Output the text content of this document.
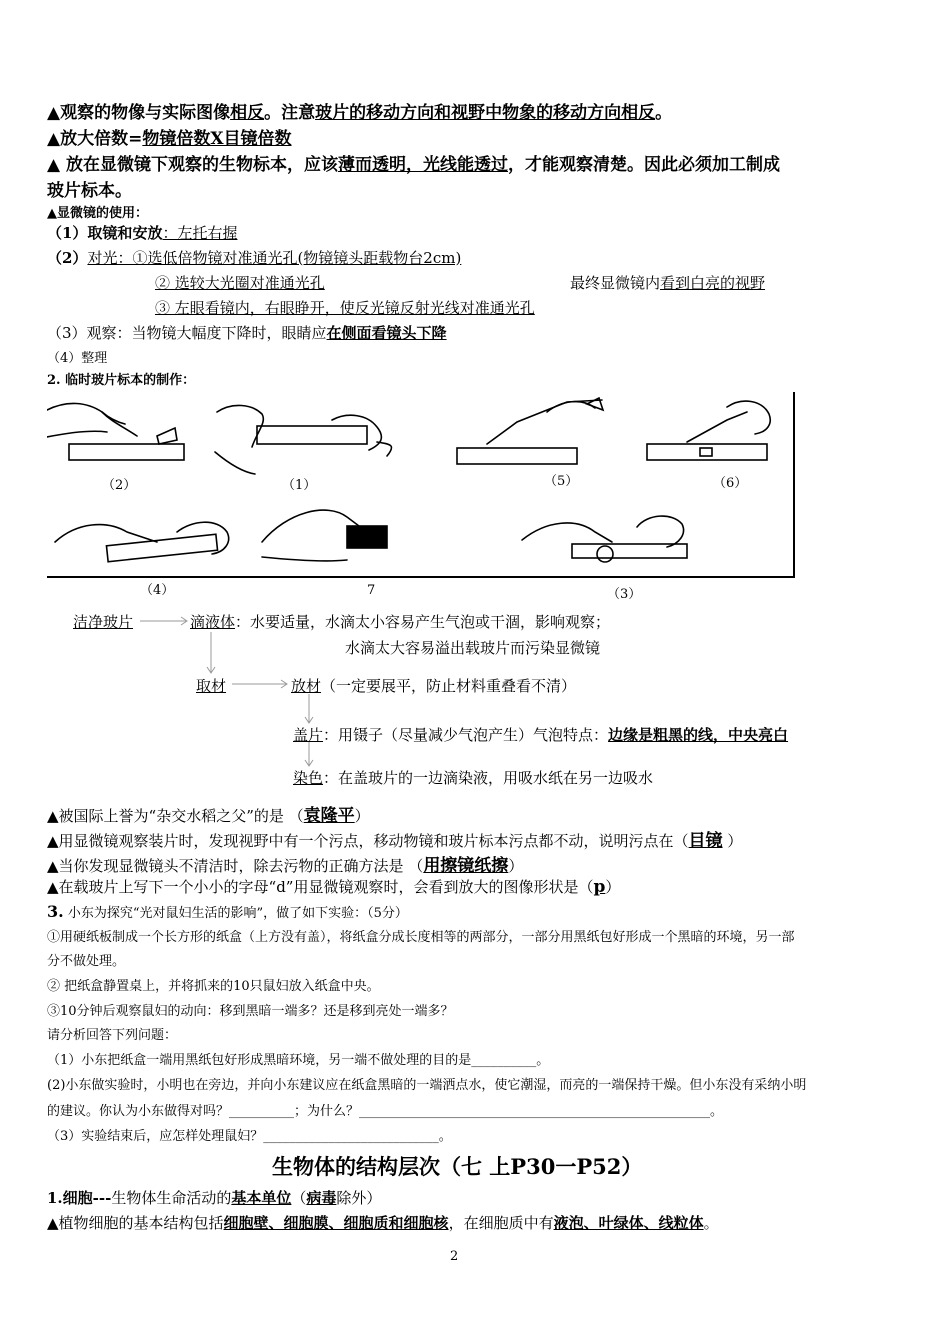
▲观察的物像与实际图像相反。注意玻片的移动方向和视野中物象的移动方向相反。
▲放大倍数=物镜倍数X目镜倍数
▲ 放在显微镜下观察的生物标本，应该薄而透明，光线能透过，才能观察清楚。因此必须加工制成
玻片标本。
▲显微镜的使用：
（1）取镜和安放：左托右握
（2）对光：①选低倍物镜对准通光孔(物镜镜头距载物台2cm)
② 选较大光圈对准通光孔	最终显微镜内看到白亮的视野
③ 左眼看镜内，右眼睁开，使反光镜反射光线对准通光孔
（3）观察：当物镜大幅度下降时，眼睛应在侧面看镜头下降
（4）整理
2. 临时玻片标本的制作：
（2）	（1）	（5）	（6）
（4）	7	（3）
洁净玻片	滴液体：水要适量，水滴太小容易产生气泡或干涸，影响观察；
水滴太大容易溢出载玻片而污染显微镜
取材	放材（一定要展平，防止材料重叠看不清）
盖片：用镊子（尽量减少气泡产生）气泡特点：边缘是粗黑的线，中央亮白
染色：在盖玻片的一边滴染液，用吸水纸在另一边吸水
▲被国际上誉为“杂交水稻之父”的是 （袁隆平）
▲用显微镜观察装片时，发现视野中有一个污点，移动物镜和玻片标本污点都不动，说明污点在（目镜 ）
▲当你发现显微镜头不清洁时，除去污物的正确方法是 （用擦镜纸擦）
▲在载玻片上写下一个小小的字母“d”用显微镜观察时，会看到放大的图像形状是（p）
3. 小东为探究“光对鼠妇生活的影响”，做了如下实验：（5分）
①用硬纸板制成一个长方形的纸盒（上方没有盖），将纸盒分成长度相等的两部分，一部分用黑纸包好形成一个黑暗的环境，另一部
分不做处理。
② 把纸盒静置桌上，并将抓来的10只鼠妇放入纸盒中央。
③10分钟后观察鼠妇的动向：移到黑暗一端多？还是移到亮处一端多？
请分析回答下列问题：
（1）小东把纸盒一端用黑纸包好形成黑暗环境，另一端不做处理的目的是__________。
(2)小东做实验时，小明也在旁边，并向小东建议应在纸盒黑暗的一端洒点水，使它潮湿，而亮的一端保持干燥。但小东没有采纳小明
的建议。你认为小东做得对吗？__________；为什么？______________________________________________________。
（3）实验结束后，应怎样处理鼠妇？___________________________。
生物体的结构层次（七 上P30一P52）
1.细胞---生物体生命活动的基本单位（病毒除外）
▲植物细胞的基本结构包括细胞壁、细胞膜、细胞质和细胞核，在细胞质中有液泡、叶绿体、线粒体。
2
